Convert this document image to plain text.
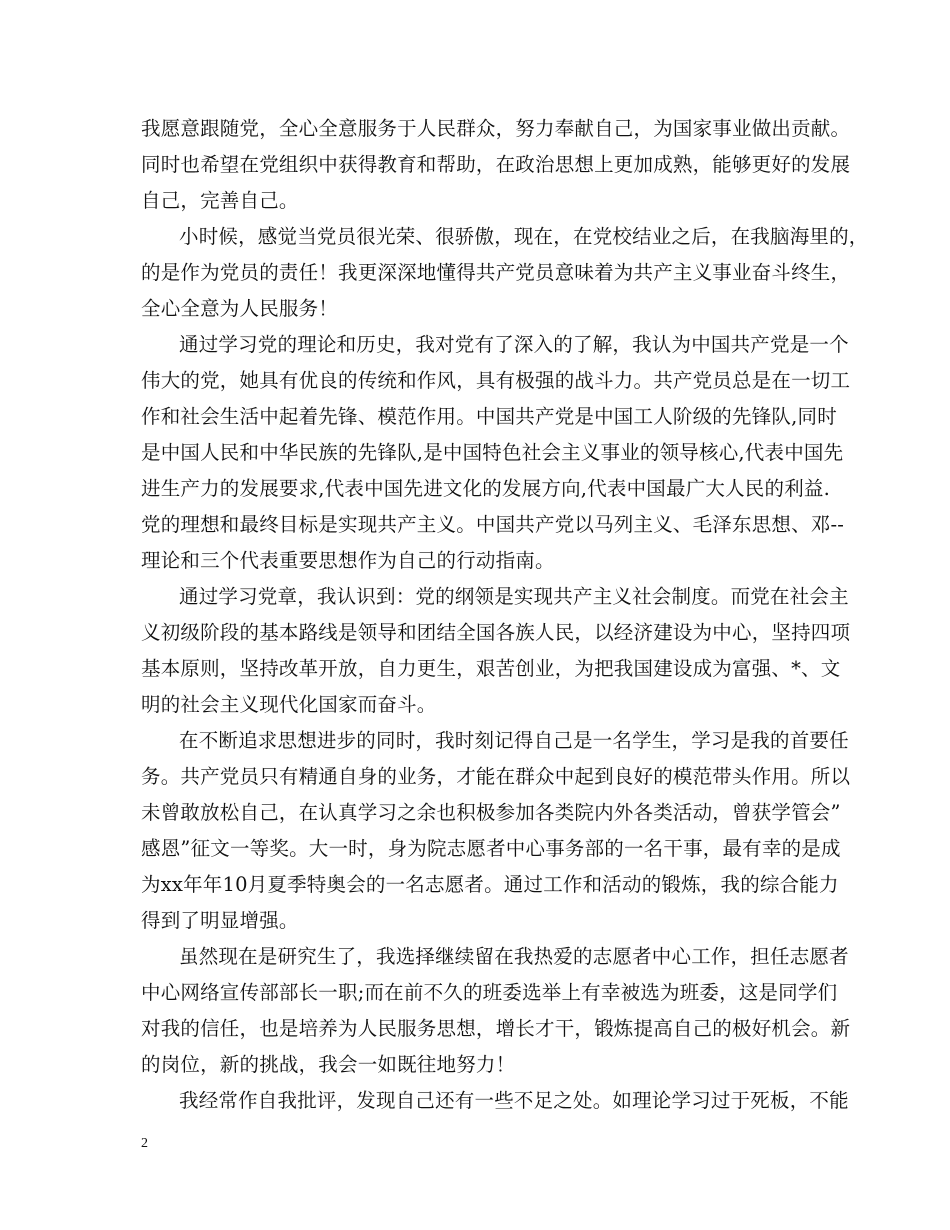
我愿意跟随党，全心全意服务于人民群众，努力奉献自己，为国家事业做出贡献。
同时也希望在党组织中获得教育和帮助，在政治思想上更加成熟，能够更好的发展
自己，完善自己。
小时候，感觉当党员很光荣、很骄傲，现在，在党校结业之后，在我脑海里的，
的是作为党员的责任！我更深深地懂得共产党员意味着为共产主义事业奋斗终生，
全心全意为人民服务！
通过学习党的理论和历史，我对党有了深入的了解，我认为中国共产党是一个
伟大的党，她具有优良的传统和作风，具有极强的战斗力。共产党员总是在一切工
作和社会生活中起着先锋、模范作用。中国共产党是中国工人阶级的先锋队,同时
是中国人民和中华民族的先锋队,是中国特色社会主义事业的领导核心,代表中国先
进生产力的发展要求,代表中国先进文化的发展方向,代表中国最广大人民的利益.
党的理想和最终目标是实现共产主义。中国共产党以马列主义、毛泽东思想、邓--
理论和三个代表重要思想作为自己的行动指南。
通过学习党章，我认识到：党的纲领是实现共产主义社会制度。而党在社会主
义初级阶段的基本路线是领导和团结全国各族人民，以经济建设为中心，坚持四项
基本原则，坚持改革开放，自力更生，艰苦创业，为把我国建设成为富强、*、文
明的社会主义现代化国家而奋斗。
在不断追求思想进步的同时，我时刻记得自己是一名学生，学习是我的首要任
务。共产党员只有精通自身的业务，才能在群众中起到良好的模范带头作用。所以
未曾敢放松自己，在认真学习之余也积极参加各类院内外各类活动，曾获学管会”
感恩”征文一等奖。大一时，身为院志愿者中心事务部的一名干事，最有幸的是成
为xx年年10月夏季特奥会的一名志愿者。通过工作和活动的锻炼，我的综合能力
得到了明显增强。
虽然现在是研究生了，我选择继续留在我热爱的志愿者中心工作，担任志愿者
中心网络宣传部部长一职;而在前不久的班委选举上有幸被选为班委，这是同学们
对我的信任，也是培养为人民服务思想，增长才干，锻炼提高自己的极好机会。新
的岗位，新的挑战，我会一如既往地努力！
我经常作自我批评，发现自己还有一些不足之处。如理论学习过于死板，不能
2
